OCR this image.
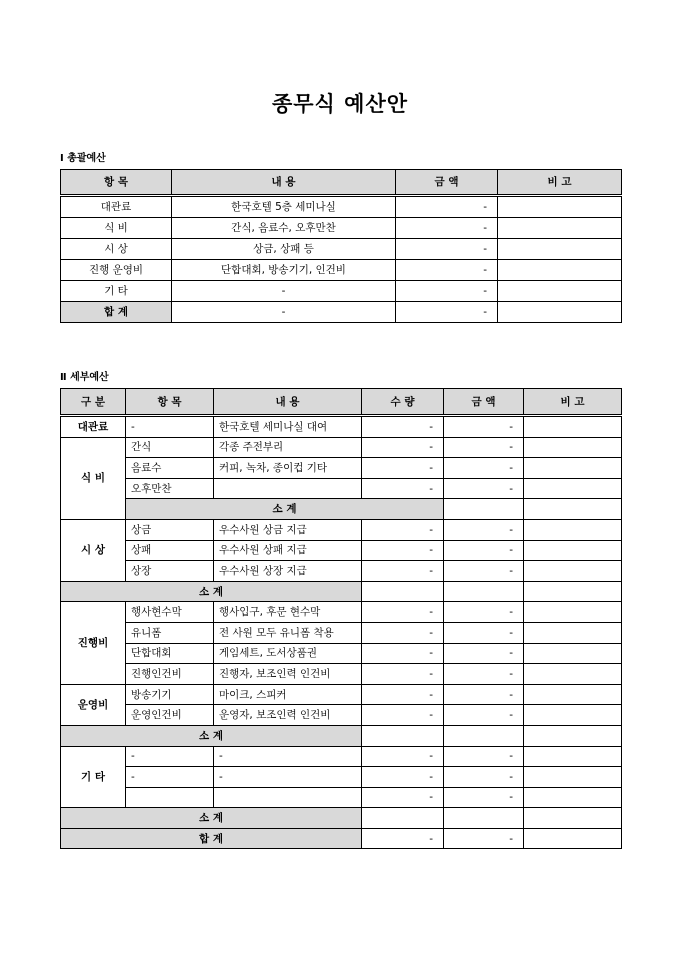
종무식 예산안
Ⅰ 총괄예산
항 목	내 용	금 액	비 고
대관료	한국호텔 5층 세미나실	-	
식 비	간식, 음료수, 오후만찬	-	
시 상	상금, 상패 등	-	
진행 운영비	단합대회, 방송기기, 인건비	-	
기 타	-	-	
합 계	-	-	
Ⅱ 세부예산
구 분	항 목	내 용	수 량	금 액	비 고	
대관료	-	한국호텔 세미나실 대여	-	-		
식 비	간식	각종 주전부리	-	-		
	음료수	커피, 녹차, 종이컵 기타	-	-		
	오후만찬		-	-		
	소 계					
시 상	상금	우수사원 상금 지급	-	-		
	상패	우수사원 상패 지급	-	-		
	상장	우수사원 상장 지급	-	-		
소 계						
진행비	행사현수막	행사입구, 후문 현수막	-	-		
	유니폼	전 사원 모두 유니폼 착용	-	-		
	단합대회	게임세트, 도서상품권	-	-		
	진행인건비	진행자, 보조인력 인건비	-	-		
운영비	방송기기	마이크, 스피커	-	-		
	운영인건비	운영자, 보조인력 인건비	-	-		
소 계						
기 타	-	-	-	-		
	-	-	-	-		
			-	-		
소 계						
합 계			-	-		
